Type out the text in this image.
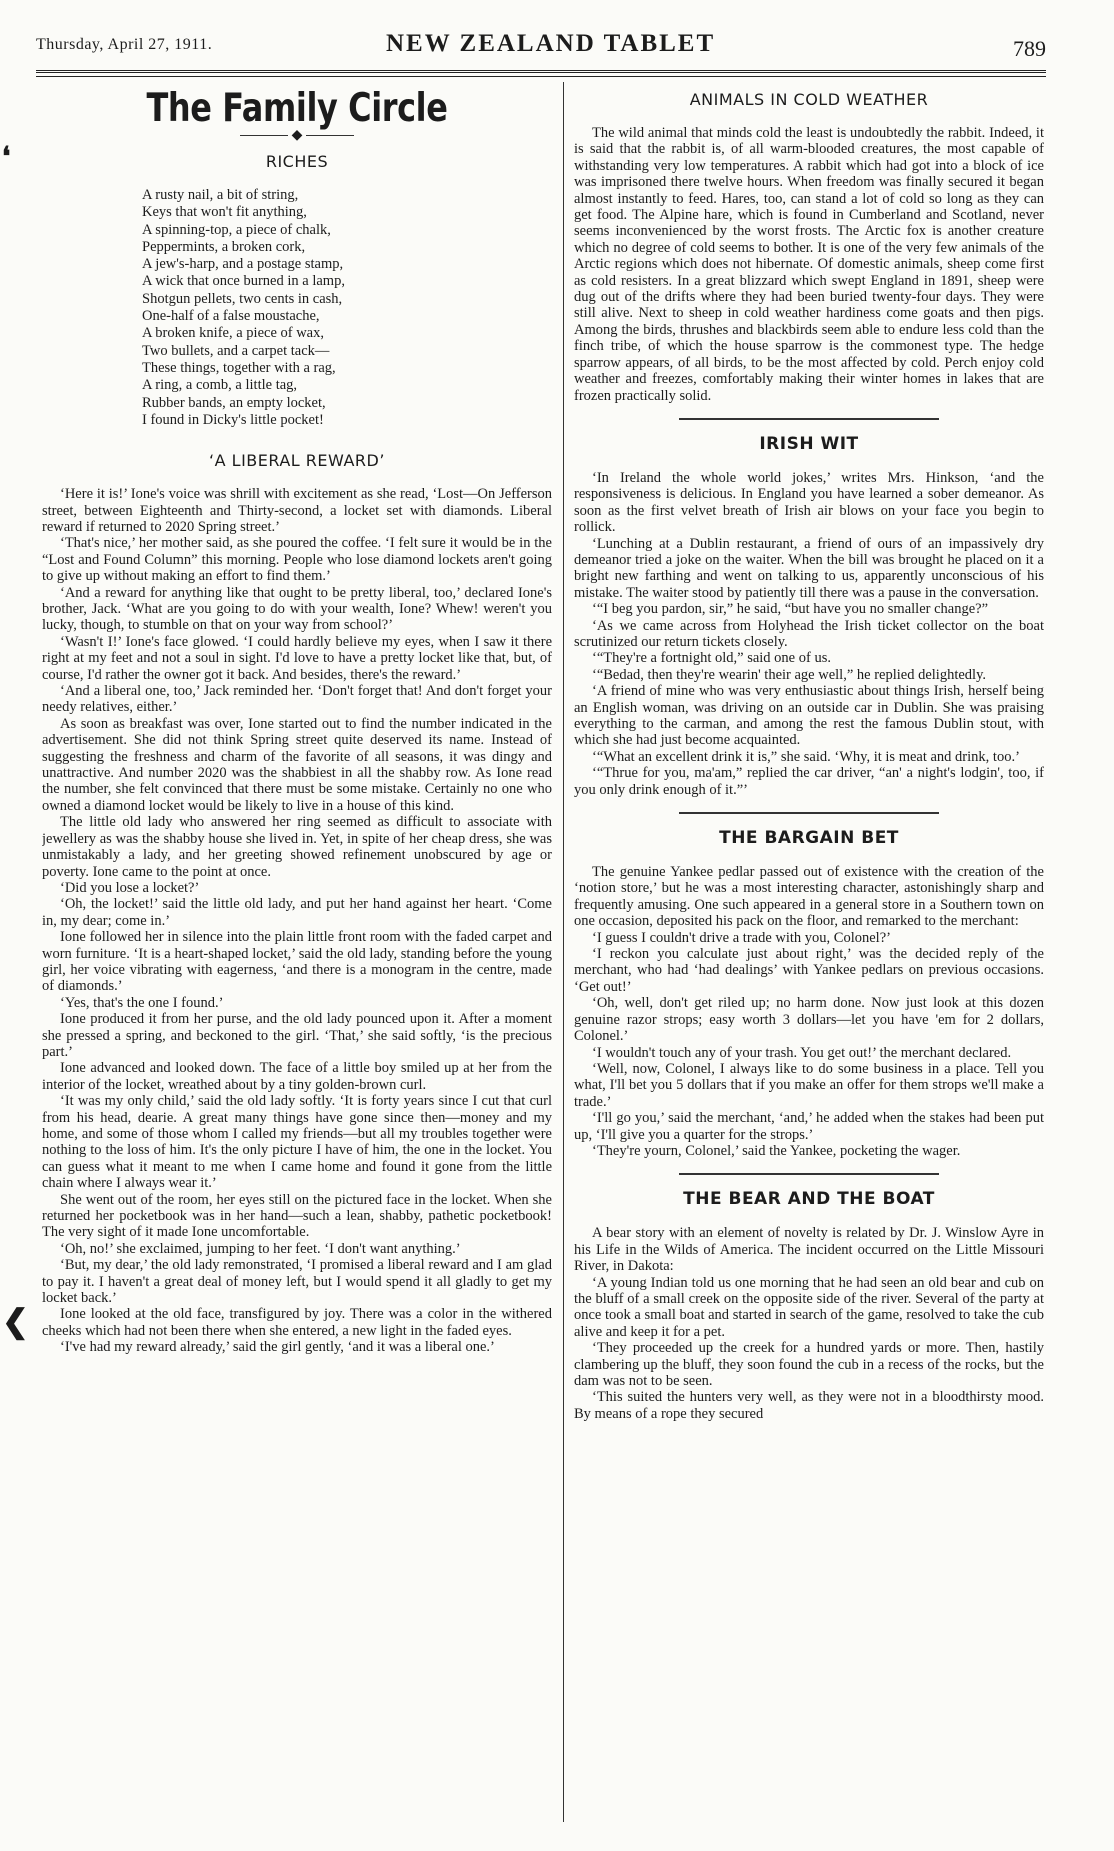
Thursday, April 27, 1911.	NEW ZEALAND TABLET	789
❛
❮
The Family Circle
◆
RICHES
A rusty nail, a bit of string,
Keys that won't fit anything,
A spinning-top, a piece of chalk,
Peppermints, a broken cork,
A jew's-harp, and a postage stamp,
A wick that once burned in a lamp,
Shotgun pellets, two cents in cash,
One-half of a false moustache,
A broken knife, a piece of wax,
Two bullets, and a carpet tack—
These things, together with a rag,
A ring, a comb, a little tag,
Rubber bands, an empty locket,
I found in Dicky's little pocket!
‘A LIBERAL REWARD’

‘Here it is!’ Ione's voice was shrill with excitement as she read, ‘Lost—On Jefferson street, between Eighteenth and Thirty-second, a locket set with diamonds. Liberal reward if returned to 2020 Spring street.’

‘That's nice,’ her mother said, as she poured the coffee. ‘I felt sure it would be in the “Lost and Found Column” this morning. People who lose diamond lockets aren't going to give up without making an effort to find them.’

‘And a reward for anything like that ought to be pretty liberal, too,’ declared Ione's brother, Jack. ‘What are you going to do with your wealth, Ione? Whew! weren't you lucky, though, to stumble on that on your way from school?’

‘Wasn't I!’ Ione's face glowed. ‘I could hardly believe my eyes, when I saw it there right at my feet and not a soul in sight. I'd love to have a pretty locket like that, but, of course, I'd rather the owner got it back. And besides, there's the reward.’

‘And a liberal one, too,’ Jack reminded her. ‘Don't forget that! And don't forget your needy relatives, either.’

As soon as breakfast was over, Ione started out to find the number indicated in the advertisement. She did not think Spring street quite deserved its name. Instead of suggesting the freshness and charm of the favorite of all seasons, it was dingy and unattractive. And number 2020 was the shabbiest in all the shabby row. As Ione read the number, she felt convinced that there must be some mistake. Certainly no one who owned a diamond locket would be likely to live in a house of this kind.

The little old lady who answered her ring seemed as difficult to associate with jewellery as was the shabby house she lived in. Yet, in spite of her cheap dress, she was unmistakably a lady, and her greeting showed refinement unobscured by age or poverty. Ione came to the point at once.

‘Did you lose a locket?’

‘Oh, the locket!’ said the little old lady, and put her hand against her heart. ‘Come in, my dear; come in.’

Ione followed her in silence into the plain little front room with the faded carpet and worn furniture. ‘It is a heart-shaped locket,’ said the old lady, standing before the young girl, her voice vibrating with eagerness, ‘and there is a monogram in the centre, made of diamonds.’

‘Yes, that's the one I found.’

Ione produced it from her purse, and the old lady pounced upon it. After a moment she pressed a spring, and beckoned to the girl. ‘That,’ she said softly, ‘is the precious part.’

Ione advanced and looked down. The face of a little boy smiled up at her from the interior of the locket, wreathed about by a tiny golden-brown curl.

‘It was my only child,’ said the old lady softly. ‘It is forty years since I cut that curl from his head, dearie. A great many things have gone since then—money and my home, and some of those whom I called my friends—but all my troubles together were nothing to the loss of him. It's the only picture I have of him, the one in the locket. You can guess what it meant to me when I came home and found it gone from the little chain where I always wear it.’

She went out of the room, her eyes still on the pictured face in the locket. When she returned her pocketbook was in her hand—such a lean, shabby, pathetic pocketbook! The very sight of it made Ione uncomfortable.

‘Oh, no!’ she exclaimed, jumping to her feet. ‘I don't want anything.’

‘But, my dear,’ the old lady remonstrated, ‘I promised a liberal reward and I am glad to pay it. I haven't a great deal of money left, but I would spend it all gladly to get my locket back.’

Ione looked at the old face, transfigured by joy. There was a color in the withered cheeks which had not been there when she entered, a new light in the faded eyes.

‘I've had my reward already,’ said the girl gently, ‘and it was a liberal one.’

ANIMALS IN COLD WEATHER

The wild animal that minds cold the least is undoubtedly the rabbit. Indeed, it is said that the rabbit is, of all warm-blooded creatures, the most capable of withstanding very low temperatures. A rabbit which had got into a block of ice was imprisoned there twelve hours. When freedom was finally secured it began almost instantly to feed. Hares, too, can stand a lot of cold so long as they can get food. The Alpine hare, which is found in Cumberland and Scotland, never seems inconvenienced by the worst frosts. The Arctic fox is another creature which no degree of cold seems to bother. It is one of the very few animals of the Arctic regions which does not hibernate. Of domestic animals, sheep come first as cold resisters. In a great blizzard which swept England in 1891, sheep were dug out of the drifts where they had been buried twenty-four days. They were still alive. Next to sheep in cold weather hardiness come goats and then pigs. Among the birds, thrushes and blackbirds seem able to endure less cold than the finch tribe, of which the house sparrow is the commonest type. The hedge sparrow appears, of all birds, to be the most affected by cold. Perch enjoy cold weather and freezes, comfortably making their winter homes in lakes that are frozen practically solid.

IRISH WIT

‘In Ireland the whole world jokes,’ writes Mrs. Hinkson, ‘and the responsiveness is delicious. In England you have learned a sober demeanor. As soon as the first velvet breath of Irish air blows on your face you begin to rollick.

‘Lunching at a Dublin restaurant, a friend of ours of an impassively dry demeanor tried a joke on the waiter. When the bill was brought he placed on it a bright new farthing and went on talking to us, apparently unconscious of his mistake. The waiter stood by patiently till there was a pause in the conversation.

‘“I beg you pardon, sir,” he said, “but have you no smaller change?”

‘As we came across from Holyhead the Irish ticket collector on the boat scrutinized our return tickets closely.

‘“They're a fortnight old,” said one of us.

‘“Bedad, then they're wearin' their age well,” he replied delightedly.

‘A friend of mine who was very enthusiastic about things Irish, herself being an English woman, was driving on an outside car in Dublin. She was praising everything to the carman, and among the rest the famous Dublin stout, with which she had just become acquainted.

‘“What an excellent drink it is,” she said. ‘Why, it is meat and drink, too.’

‘“Thrue for you, ma'am,” replied the car driver, “an' a night's lodgin', too, if you only drink enough of it.”’

THE BARGAIN BET

The genuine Yankee pedlar passed out of existence with the creation of the ‘notion store,’ but he was a most interesting character, astonishingly sharp and frequently amusing. One such appeared in a general store in a Southern town on one occasion, deposited his pack on the floor, and remarked to the merchant:

‘I guess I couldn't drive a trade with you, Colonel?’

‘I reckon you calculate just about right,’ was the decided reply of the merchant, who had ‘had dealings’ with Yankee pedlars on previous occasions. ‘Get out!’

‘Oh, well, don't get riled up; no harm done. Now just look at this dozen genuine razor strops; easy worth 3 dollars—let you have 'em for 2 dollars, Colonel.’

‘I wouldn't touch any of your trash. You get out!’ the merchant declared.

‘Well, now, Colonel, I always like to do some business in a place. Tell you what, I'll bet you 5 dollars that if you make an offer for them strops we'll make a trade.’

‘I'll go you,’ said the merchant, ‘and,’ he added when the stakes had been put up, ‘I'll give you a quarter for the strops.’

‘They're yourn, Colonel,’ said the Yankee, pocketing the wager.

THE BEAR AND THE BOAT

A bear story with an element of novelty is related by Dr. J. Winslow Ayre in his Life in the Wilds of America. The incident occurred on the Little Missouri River, in Dakota:

‘A young Indian told us one morning that he had seen an old bear and cub on the bluff of a small creek on the opposite side of the river. Several of the party at once took a small boat and started in search of the game, resolved to take the cub alive and keep it for a pet.

‘They proceeded up the creek for a hundred yards or more. Then, hastily clambering up the bluff, they soon found the cub in a recess of the rocks, but the dam was not to be seen.

‘This suited the hunters very well, as they were not in a bloodthirsty mood. By means of a rope they secured
